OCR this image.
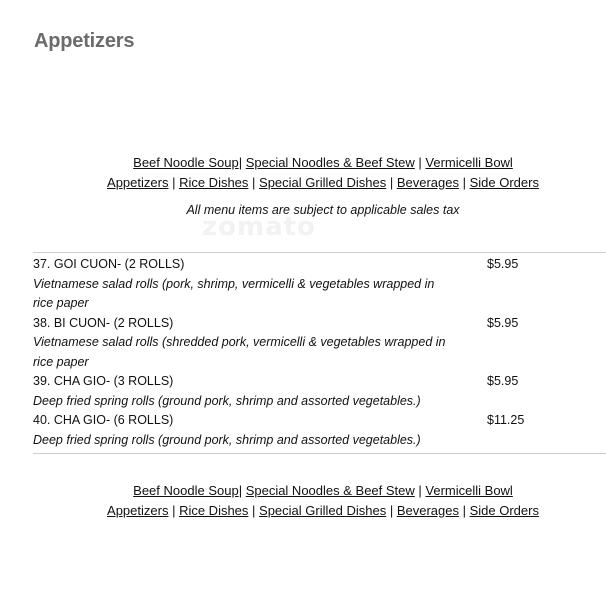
Appetizers
Beef Noodle Soup| Special Noodles & Beef Stew | Vermicelli Bowl
Appetizers | Rice Dishes | Special Grilled Dishes | Beverages | Side Orders
All menu items are subject to applicable sales tax
zomato
37. GOI CUON- (2 ROLLS)	$5.95
Vietnamese salad rolls (pork, shrimp, vermicelli & vegetables wrapped in rice paper
38. BI CUON- (2 ROLLS)	$5.95
Vietnamese salad rolls (shredded pork, vermicelli & vegetables wrapped in rice paper
39. CHA GIO- (3 ROLLS)	$5.95
Deep fried spring rolls (ground pork, shrimp and assorted vegetables.)
40. CHA GIO- (6 ROLLS)	$11.25
Deep fried spring rolls (ground pork, shrimp and assorted vegetables.)
Beef Noodle Soup| Special Noodles & Beef Stew | Vermicelli Bowl
Appetizers | Rice Dishes | Special Grilled Dishes | Beverages | Side Orders
